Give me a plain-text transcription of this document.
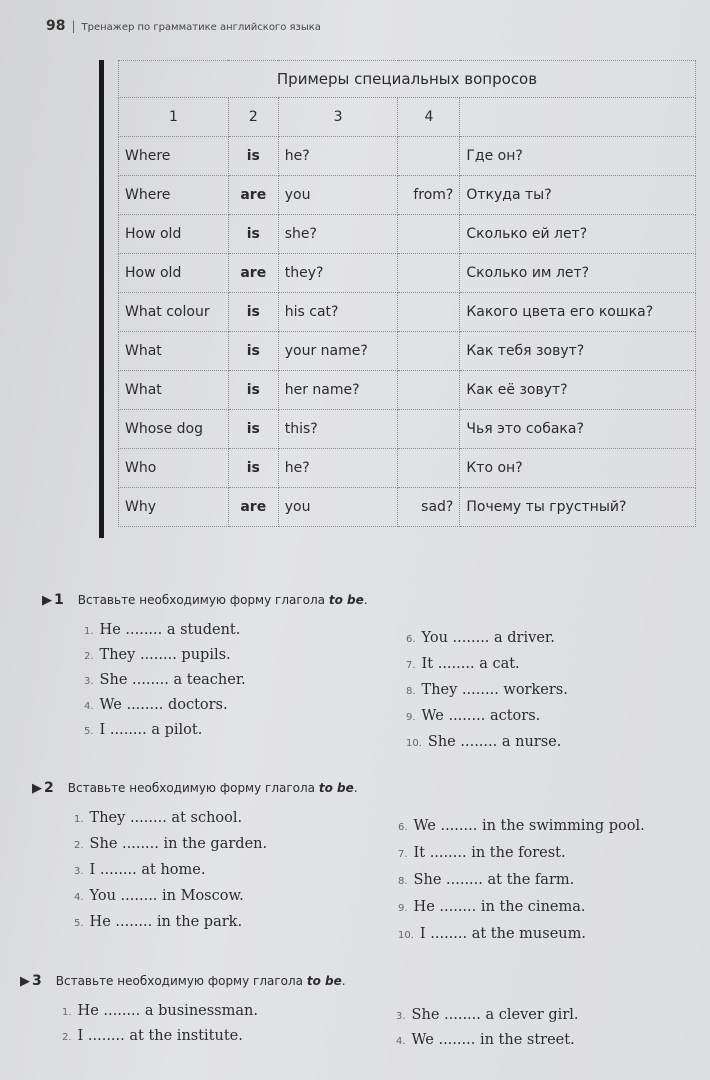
98 | Тренажер по грамматике английского языка
Примеры специальных вопросов				
1	2	3	4	
Where	is	he?		Где он?
Where	are	you	from?	Откуда ты?
How old	is	she?		Сколько ей лет?
How old	are	they?		Сколько им лет?
What colour	is	his cat?		Какого цвета его кошка?
What	is	your name?		Как тебя зовут?
What	is	her name?		Как её зовут?
Whose dog	is	this?		Чья это собака?
Who	is	he?		Кто он?
Why	are	you	sad?	Почему ты грустный?
▶ 1 Вставьте необходимую форму глагола to be.
1. He ........ a student.
2. They ........ pupils.
3. She ........ a teacher.
4. We ........ doctors.
5. I ........ a pilot.
6. You ........ a driver.
7. It ........ a cat.
8. They ........ workers.
9. We ........ actors.
10. She ........ a nurse.
▶ 2 Вставьте необходимую форму глагола to be.
1. They ........ at school.
2. She ........ in the garden.
3. I ........ at home.
4. You ........ in Moscow.
5. He ........ in the park.
6. We ........ in the swimming pool.
7. It ........ in the forest.
8. She ........ at the farm.
9. He ........ in the cinema.
10. I ........ at the museum.
▶ 3 Вставьте необходимую форму глагола to be.
1. He ........ a businessman.
2. I ........ at the institute.
3. She ........ a clever girl.
4. We ........ in the street.
